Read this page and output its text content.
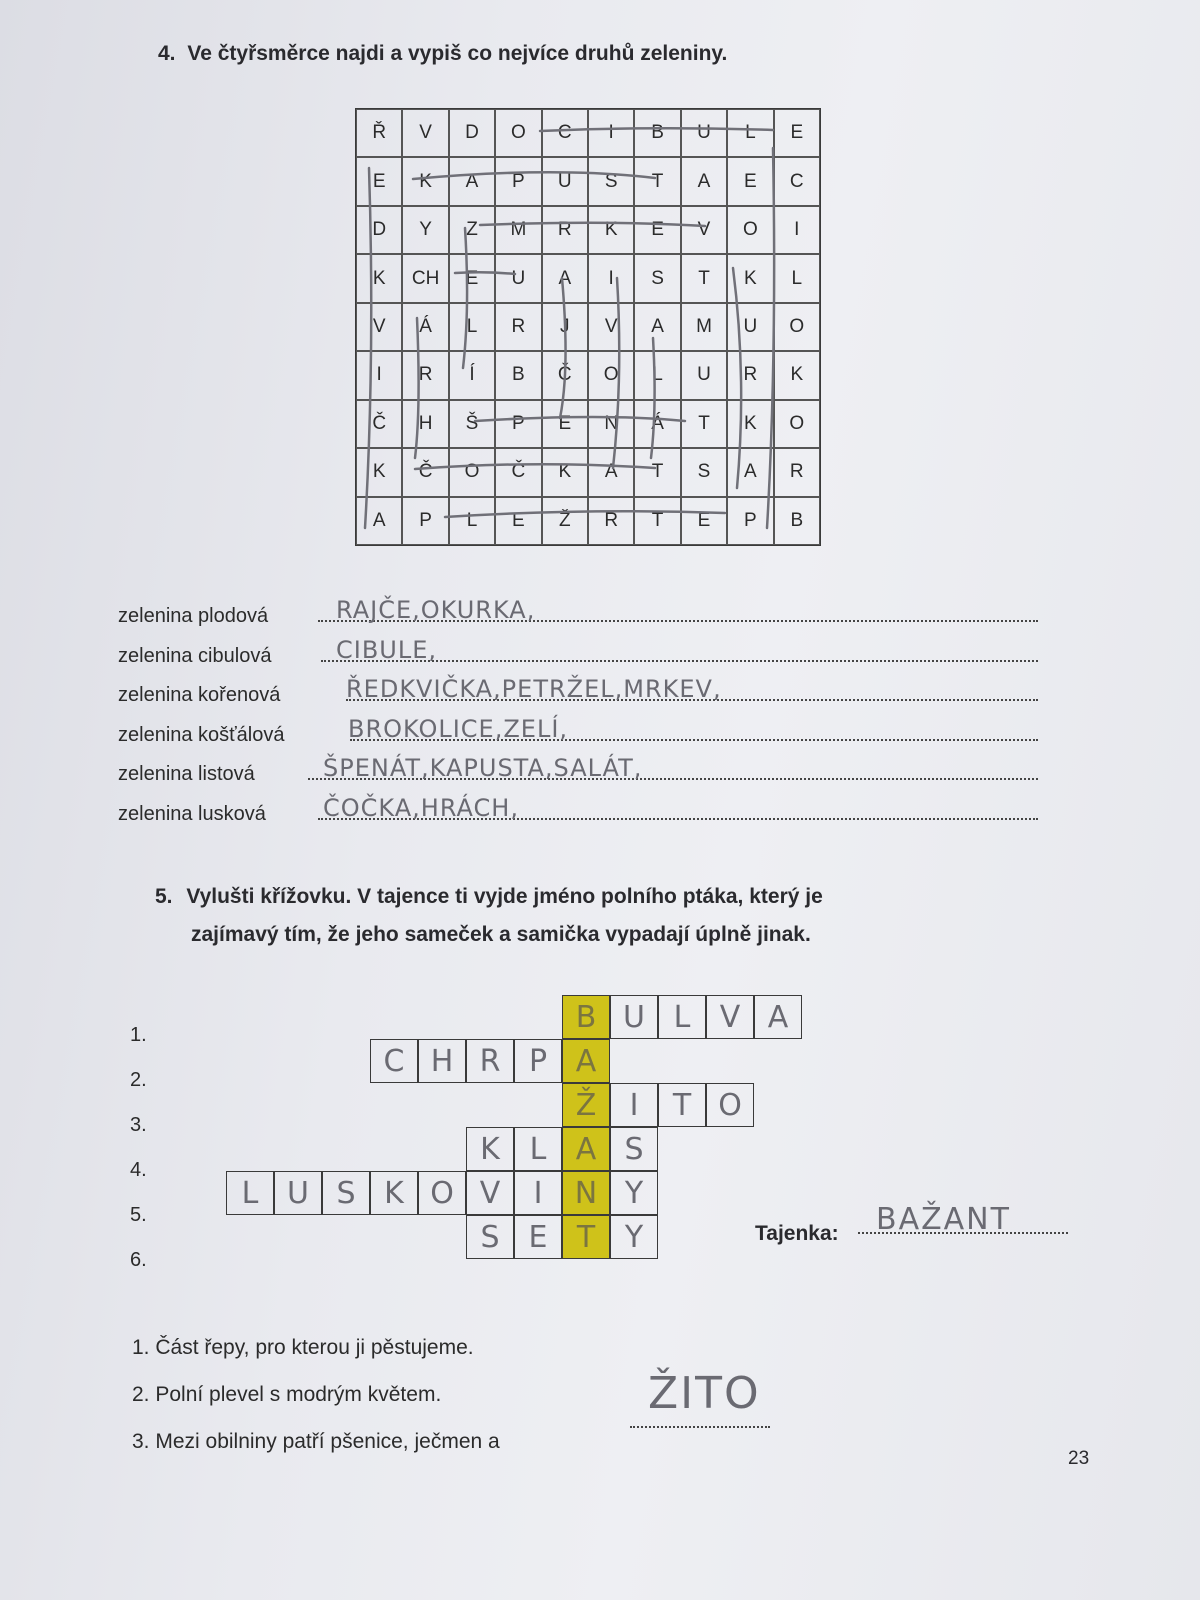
4. Ve čtyřsměrce najdi a vypiš co nejvíce druhů zeleniny.
Ř	V	D	O	C	I	B	U	L	E
E	K	A	P	U	S	T	A	E	C
D	Y	Z	M	R	K	E	V	O	I
K	CH	E	U	A	I	S	T	K	L
V	Á	L	R	J	V	A	M	U	O
I	R	Í	B	Č	O	L	U	R	K
Č	H	Š	P	E	N	Á	T	K	O
K	Č	O	Č	K	A	T	S	A	R
A	P	L	E	Ž	R	T	E	P	B
zelenina plodová	RAJČE,OKURKA,
zelenina cibulová	CIBULE,
zelenina kořenová	ŘEDKVIČKA,PETRŽEL,MRKEV,
zelenina košťálová	BROKOLICE,ZELÍ,
zelenina listová	ŠPENÁT,KAPUSTA,SALÁT,
zelenina lusková ČOČKA,HRÁCH,
5. Vylušti křížovku. V tajence ti vyjde jméno polního ptáka, který je
zajímavý tím, že jeho sameček a samička vypadají úplně jinak.
1.
2.
3.
4.
5.
6.
B U L V A
C H R P A
Ž	I	T O
K L A S
L U S K O V	I	N Y
S E T Y	Tajenka: BAŽANT
1. Část řepy, pro kterou ji pěstujeme.
2. Polní plevel s modrým květem.
3. Mezi obilniny patří pšenice, ječmen a
ŽITO
23
